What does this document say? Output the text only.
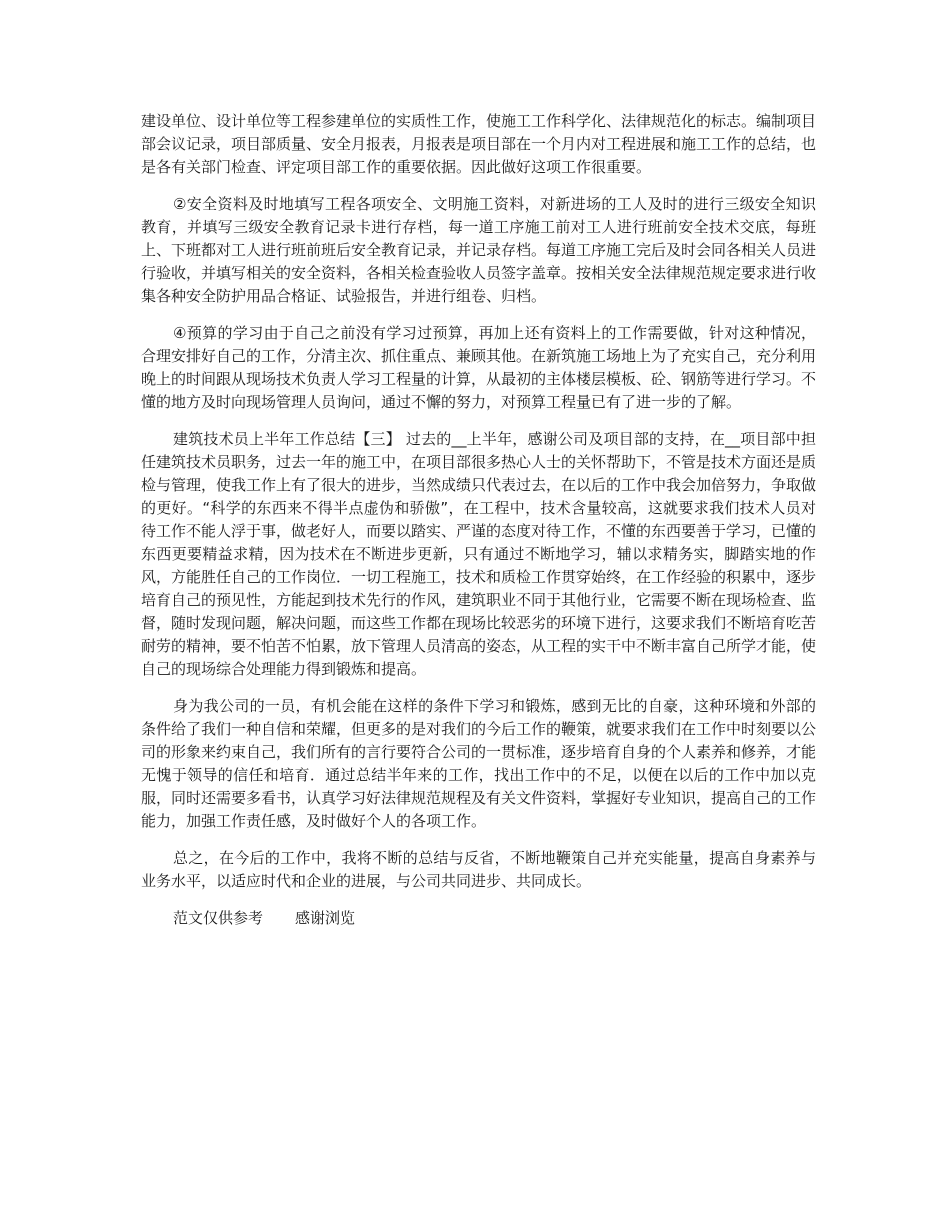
建设单位、设计单位等工程参建单位的实质性工作，使施工工作科学化、法律规范化的标志。编制项目部会议记录，项目部质量、安全月报表，月报表是项目部在一个月内对工程进展和施工工作的总结，也是各有关部门检查、评定项目部工作的重要依据。因此做好这项工作很重要。

②安全资料及时地填写工程各项安全、文明施工资料，对新进场的工人及时的进行三级安全知识教育，并填写三级安全教育记录卡进行存档，每一道工序施工前对工人进行班前安全技术交底，每班上、下班都对工人进行班前班后安全教育记录，并记录存档。每道工序施工完后及时会同各相关人员进行验收，并填写相关的安全资料，各相关检查验收人员签字盖章。按相关安全法律规范规定要求进行收集各种安全防护用品合格证、试验报告，并进行组卷、归档。

④预算的学习由于自己之前没有学习过预算，再加上还有资料上的工作需要做，针对这种情况，合理安排好自己的工作，分清主次、抓住重点、兼顾其他。在新筑施工场地上为了充实自己，充分利用晚上的时间跟从现场技术负责人学习工程量的计算，从最初的主体楼层模板、砼、钢筋等进行学习。不懂的地方及时向现场管理人员询问，通过不懈的努力，对预算工程量已有了进一步的了解。

建筑技术员上半年工作总结【三】 过去的__上半年，感谢公司及项目部的支持，在__项目部中担任建筑技术员职务，过去一年的施工中，在项目部很多热心人士的关怀帮助下，不管是技术方面还是质检与管理，使我工作上有了很大的进步，当然成绩只代表过去，在以后的工作中我会加倍努力，争取做的更好。“科学的东西来不得半点虚伪和骄傲”，在工程中，技术含量较高，这就要求我们技术人员对待工作不能人浮于事，做老好人，而要以踏实、严谨的态度对待工作，不懂的东西要善于学习，已懂的东西更要精益求精，因为技术在不断进步更新，只有通过不断地学习，辅以求精务实，脚踏实地的作风，方能胜任自己的工作岗位．一切工程施工，技术和质检工作贯穿始终，在工作经验的积累中，逐步培育自己的预见性，方能起到技术先行的作风，建筑职业不同于其他行业，它需要不断在现场检查、监督，随时发现问题，解决问题，而这些工作都在现场比较恶劣的环境下进行，这要求我们不断培育吃苦耐劳的精神，要不怕苦不怕累，放下管理人员清高的姿态，从工程的实干中不断丰富自己所学才能，使自己的现场综合处理能力得到锻炼和提高。

身为我公司的一员，有机会能在这样的条件下学习和锻炼，感到无比的自豪，这种环境和外部的条件给了我们一种自信和荣耀，但更多的是对我们的今后工作的鞭策，就要求我们在工作中时刻要以公司的形象来约束自己，我们所有的言行要符合公司的一贯标准，逐步培育自身的个人素养和修养，才能无愧于领导的信任和培育．通过总结半年来的工作，找出工作中的不足，以便在以后的工作中加以克服，同时还需要多看书，认真学习好法律规范规程及有关文件资料，掌握好专业知识，提高自己的工作能力，加强工作责任感，及时做好个人的各项工作。

总之，在今后的工作中，我将不断的总结与反省，不断地鞭策自己并充实能量，提高自身素养与业务水平，以适应时代和企业的进展，与公司共同进步、共同成长。

范文仅供参考 感谢浏览
